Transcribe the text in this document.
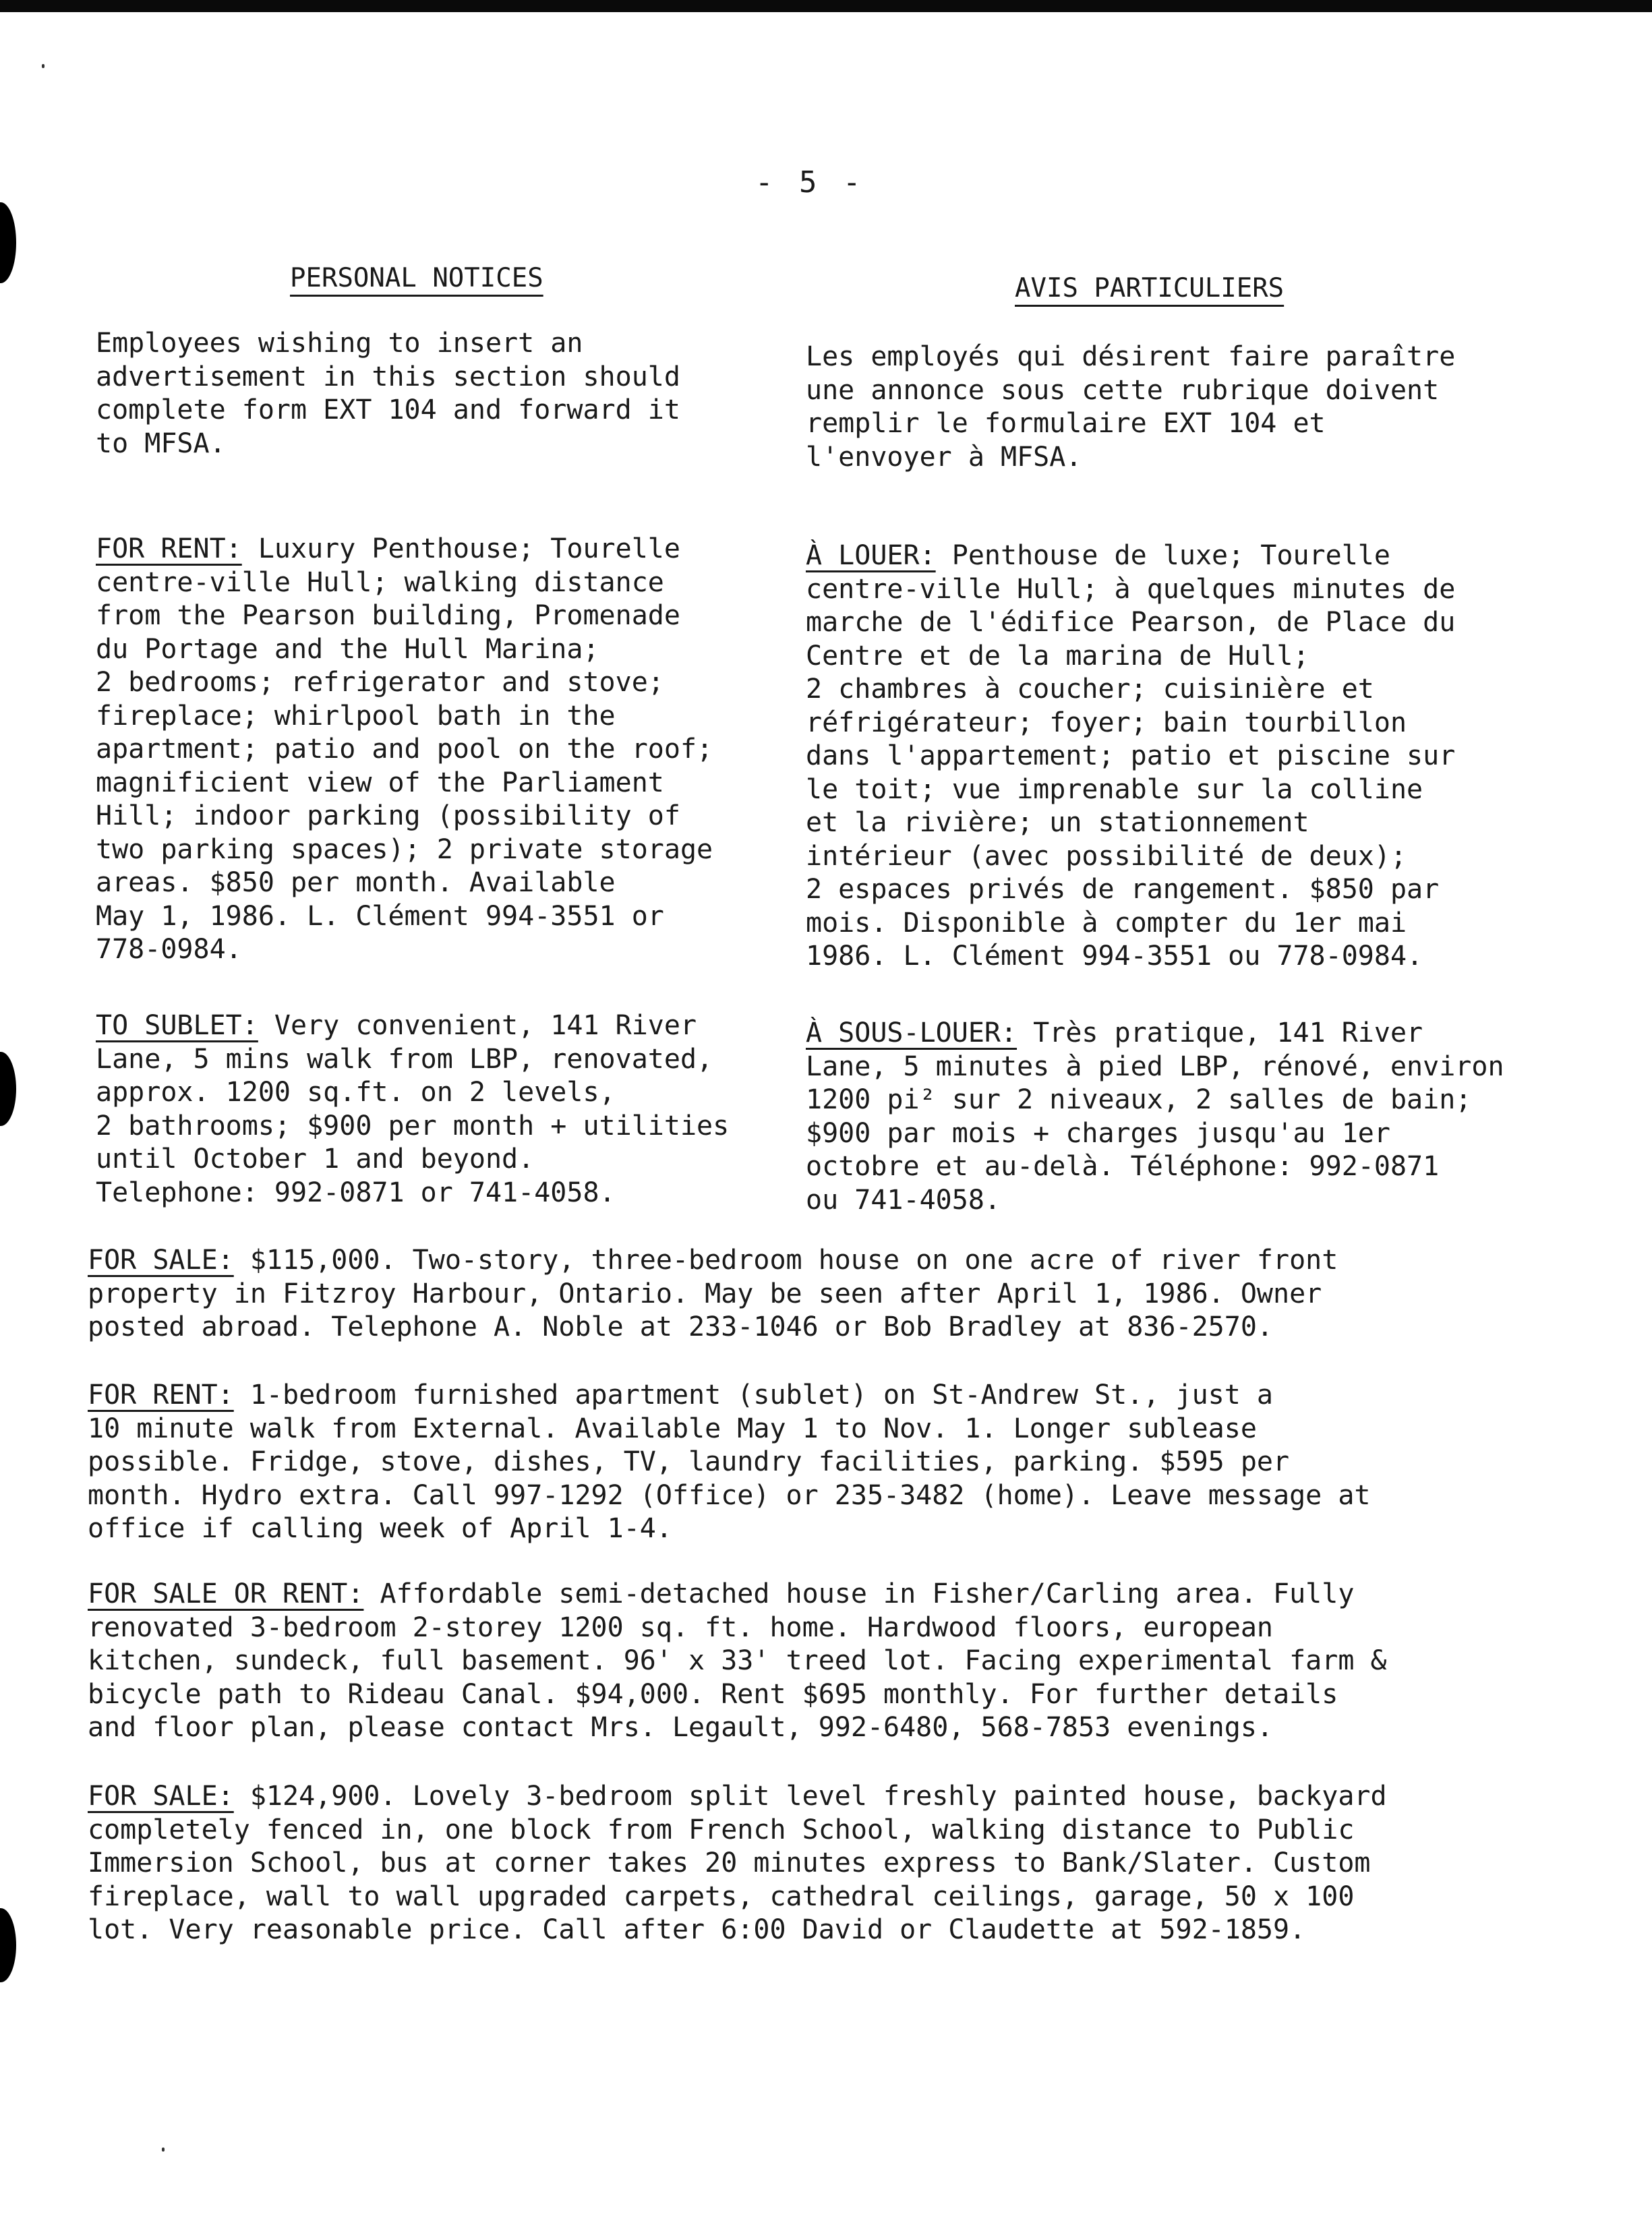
- 5 -
PERSONAL NOTICES
Employees wishing to insert an
advertisement in this section should
complete form EXT 104 and forward it
to MFSA.
FOR RENT: Luxury Penthouse; Tourelle
centre-ville Hull; walking distance
from the Pearson building, Promenade
du Portage and the Hull Marina;
2 bedrooms; refrigerator and stove;
fireplace; whirlpool bath in the
apartment; patio and pool on the roof;
magnificient view of the Parliament
Hill; indoor parking (possibility of
two parking spaces); 2 private storage
areas. $850 per month. Available
May 1, 1986. L. Clément 994-3551 or
778-0984.
TO SUBLET: Very convenient, 141 River
Lane, 5 mins walk from LBP, renovated,
approx. 1200 sq.ft. on 2 levels,
2 bathrooms; $900 per month + utilities
until October 1 and beyond.
Telephone: 992-0871 or 741-4058.
AVIS PARTICULIERS
Les employés qui désirent faire paraître
une annonce sous cette rubrique doivent
remplir le formulaire EXT 104 et
l'envoyer à MFSA.
À LOUER: Penthouse de luxe; Tourelle
centre-ville Hull; à quelques minutes de
marche de l'édifice Pearson, de Place du
Centre et de la marina de Hull;
2 chambres à coucher; cuisinière et
réfrigérateur; foyer; bain tourbillon
dans l'appartement; patio et piscine sur
le toit; vue imprenable sur la colline
et la rivière; un stationnement
intérieur (avec possibilité de deux);
2 espaces privés de rangement. $850 par
mois. Disponible à compter du 1er mai
1986. L. Clément 994-3551 ou 778-0984.
À SOUS-LOUER: Très pratique, 141 River
Lane, 5 minutes à pied LBP, rénové, environ
1200 pi² sur 2 niveaux, 2 salles de bain;
$900 par mois + charges jusqu'au 1er
octobre et au-delà. Téléphone: 992-0871
ou 741-4058.
FOR SALE: $115,000. Two-story, three-bedroom house on one acre of river front
property in Fitzroy Harbour, Ontario. May be seen after April 1, 1986. Owner
posted abroad. Telephone A. Noble at 233-1046 or Bob Bradley at 836-2570.
FOR RENT: 1-bedroom furnished apartment (sublet) on St-Andrew St., just a
10 minute walk from External. Available May 1 to Nov. 1. Longer sublease
possible. Fridge, stove, dishes, TV, laundry facilities, parking. $595 per
month. Hydro extra. Call 997-1292 (Office) or 235-3482 (home). Leave message at
office if calling week of April 1-4.
FOR SALE OR RENT: Affordable semi-detached house in Fisher/Carling area. Fully
renovated 3-bedroom 2-storey 1200 sq. ft. home. Hardwood floors, european
kitchen, sundeck, full basement. 96' x 33' treed lot. Facing experimental farm &
bicycle path to Rideau Canal. $94,000. Rent $695 monthly. For further details
and floor plan, please contact Mrs. Legault, 992-6480, 568-7853 evenings.
FOR SALE: $124,900. Lovely 3-bedroom split level freshly painted house, backyard
completely fenced in, one block from French School, walking distance to Public
Immersion School, bus at corner takes 20 minutes express to Bank/Slater. Custom
fireplace, wall to wall upgraded carpets, cathedral ceilings, garage, 50 x 100
lot. Very reasonable price. Call after 6:00 David or Claudette at 592-1859.
